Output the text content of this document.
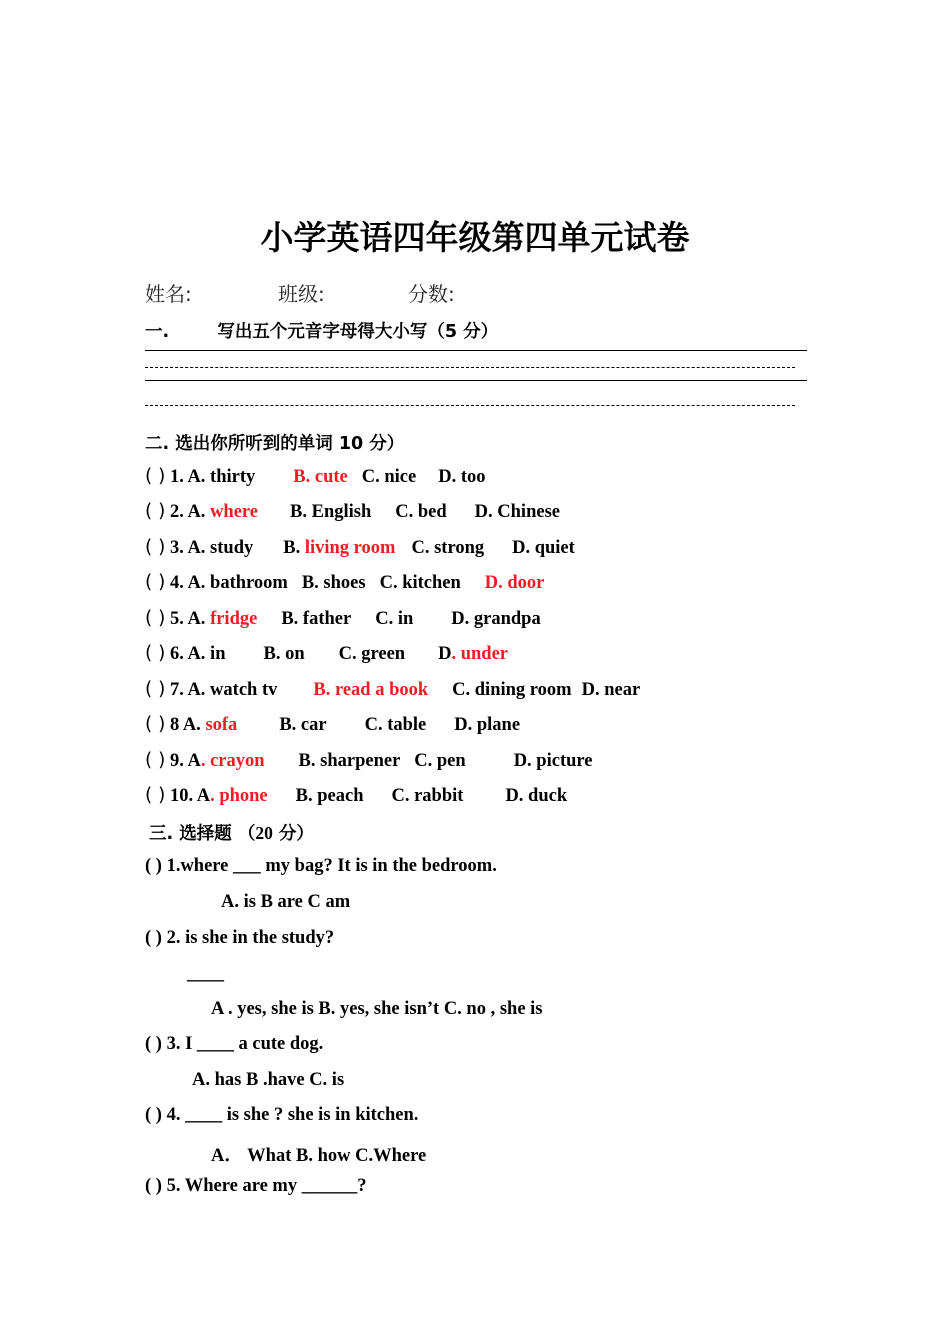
小学英语四年级第四单元试卷
姓名:	班级:	分数:
一.	写出五个元音字母得大小写（5 分）
二. 选出你所听到的单词 10 分）
( ) 1. A. thirty B. cute C. nice D. too
( ) 2. A. where B. English C. bed D. Chinese
( ) 3. A. study B. living room C. strong D. quiet
( ) 4. A. bathroom B. shoes C. kitchen D. door
( ) 5. A. fridge B. father C. in D. grandpa
( ) 6. A. in B. on C. green D. under
( ) 7. A. watch tv B. read a book C. dining room D. near
( ) 8 A. sofa B. car C. table D. plane
( ) 9. A. crayon B. sharpener C. pen	D. picture
( ) 10. A. phone B. peach C. rabbit D. duck
三. 选择题 （20 分）
( ) 1.where ___ my bag? It is in the bedroom.
A. is B are C am
( ) 2. is she in the study?
____
A . yes, she is B. yes, she isn’t C. no , she is
( ) 3. I ____ a cute dog.
A. has B .have C. is
( ) 4. ____ is she ? she is in kitchen.
A． What B. how C.Where
( ) 5. Where are my ______?
